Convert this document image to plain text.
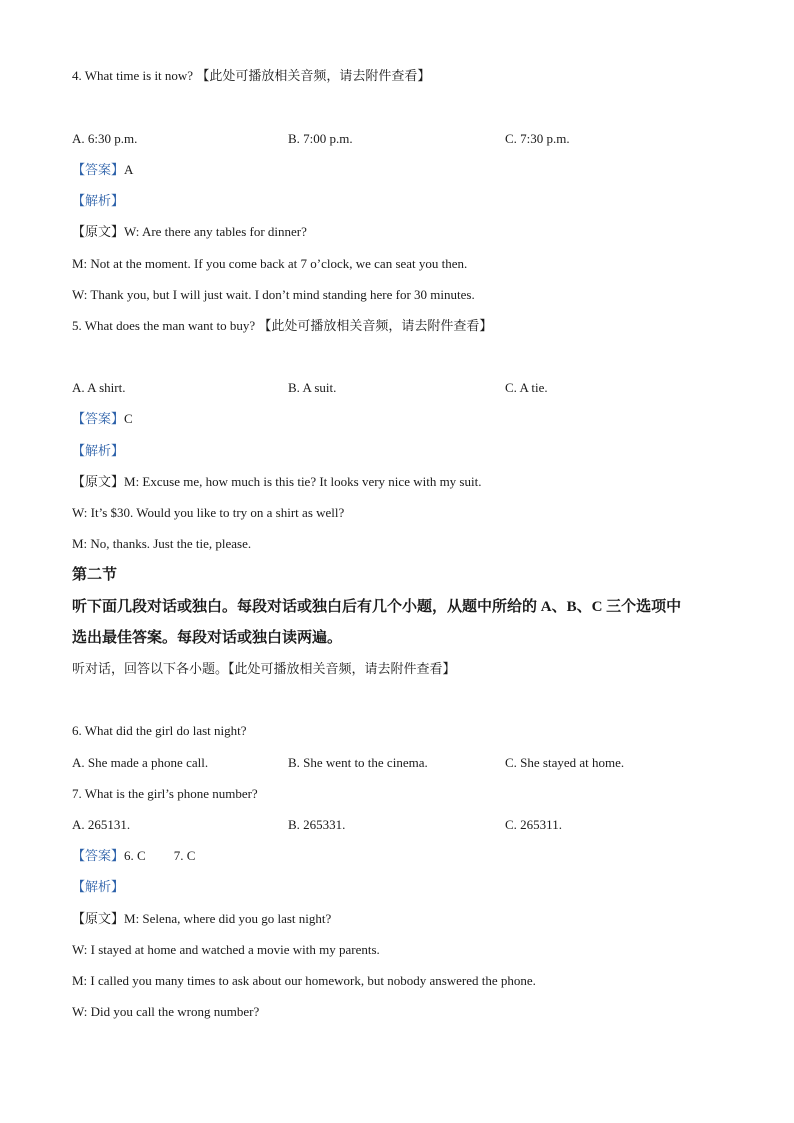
4. What time is it now? 【此处可播放相关音频，请去附件查看】
A. 6:30 p.m.	B. 7:00 p.m.	C. 7:30 p.m.
【答案】A
【解析】
【原文】W: Are there any tables for dinner?
M: Not at the moment. If you come back at 7 o’clock, we can seat you then.
W: Thank you, but I will just wait. I don’t mind standing here for 30 minutes.
5. What does the man want to buy? 【此处可播放相关音频，请去附件查看】
A. A shirt.	B. A suit.	C. A tie.
【答案】C
【解析】
【原文】M: Excuse me, how much is this tie? It looks very nice with my suit.
W: It’s $30. Would you like to try on a shirt as well?
M: No, thanks. Just the tie, please.
第二节
听下面几段对话或独白。每段对话或独白后有几个小题，从题中所给的 A、B、C 三个选项中
选出最佳答案。每段对话或独白读两遍。
听对话，回答以下各小题。【此处可播放相关音频，请去附件查看】
6. What did the girl do last night?
A. She made a phone call.	B. She went to the cinema.	C. She stayed at home.
7. What is the girl’s phone number?
A. 265131.	B. 265331.	C. 265311.
【答案】6. C 7. C
【解析】
【原文】M: Selena, where did you go last night?
W: I stayed at home and watched a movie with my parents.
M: I called you many times to ask about our homework, but nobody answered the phone.
W: Did you call the wrong number?
